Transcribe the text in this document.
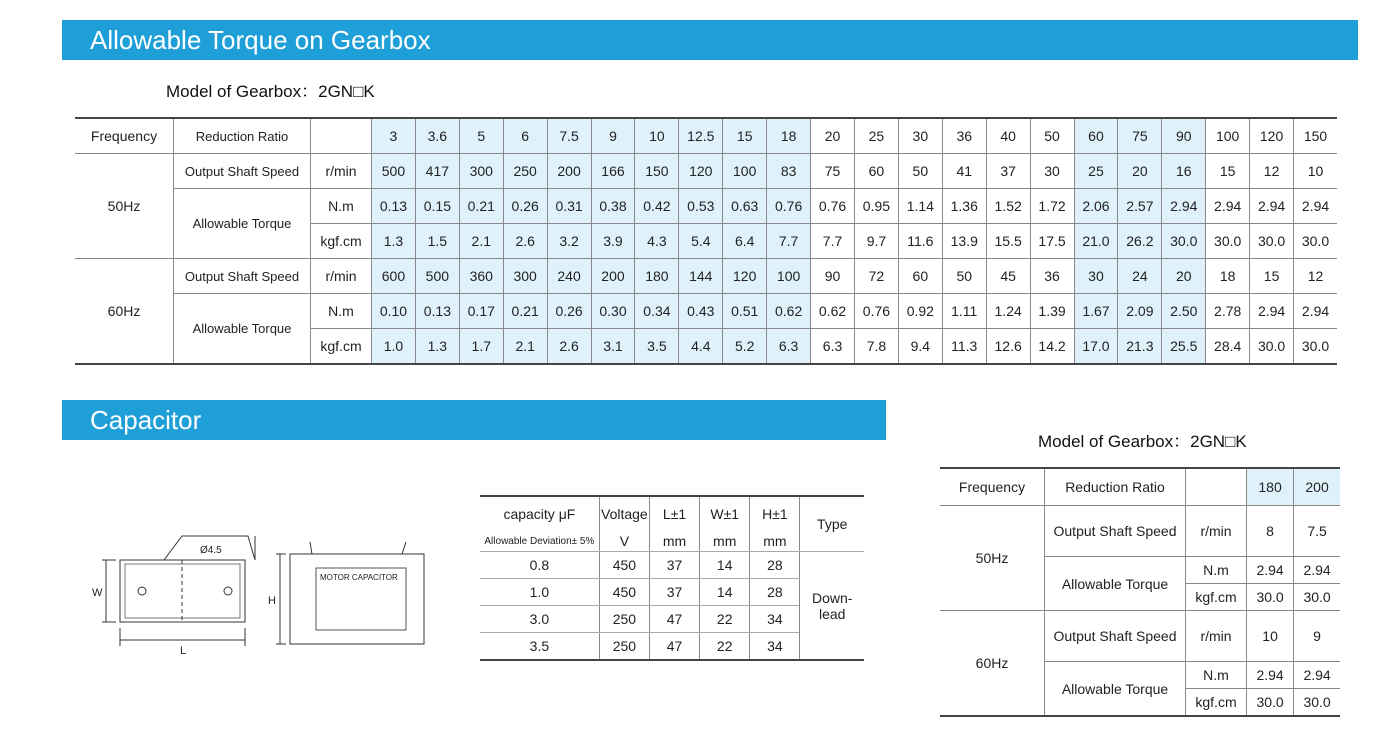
Allowable Torque on Gearbox
Model of Gearbox：2GN□K
Frequency	Reduction Ratio		3	3.6	5	6	7.5	9	10	12.5	15	18	20	25	30	36	40	50	60	75	90	100	120	150
50Hz	Output Shaft Speed	r/min	500	417	300	250	200	166	150	120	100	83	75	60	50	41	37	30	25	20	16	15	12	10
	Allowable Torque	N.m	0.13	0.15	0.21	0.26	0.31	0.38	0.42	0.53	0.63	0.76	0.76	0.95	1.14	1.36	1.52	1.72	2.06	2.57	2.94	2.94	2.94	2.94
		kgf.cm	1.3	1.5	2.1	2.6	3.2	3.9	4.3	5.4	6.4	7.7	7.7	9.7	11.6	13.9	15.5	17.5	21.0	26.2	30.0	30.0	30.0	30.0
60Hz	Output Shaft Speed	r/min	600	500	360	300	240	200	180	144	120	100	90	72	60	50	45	36	30	24	20	18	15	12
	Allowable Torque	N.m	0.10	0.13	0.17	0.21	0.26	0.30	0.34	0.43	0.51	0.62	0.62	0.76	0.92	1.11	1.24	1.39	1.67	2.09	2.50	2.78	2.94	2.94
		kgf.cm	1.0	1.3	1.7	2.1	2.6	3.1	3.5	4.4	5.2	6.3	6.3	7.8	9.4	11.3	12.6	14.2	17.0	21.3	25.5	28.4	30.0	30.0
Capacitor
W
L
H
Ø4.5
MOTOR CAPACITOR
capacity μF	Voltage	L±1	W±1	H±1	Type
Allowable Deviation± 5%	V	mm	mm	mm	
0.8	450	37	14	28	Down-lead
1.0	450	37	14	28	
3.0	250	47	22	34	
3.5	250	47	22	34	
Model of Gearbox：2GN□K
Frequency	Reduction Ratio		180	200
50Hz	Output Shaft Speed	r/min	8	7.5
	Allowable Torque	N.m	2.94	2.94
		kgf.cm	30.0	30.0
60Hz	Output Shaft Speed	r/min	10	9
	Allowable Torque	N.m	2.94	2.94
		kgf.cm	30.0	30.0
